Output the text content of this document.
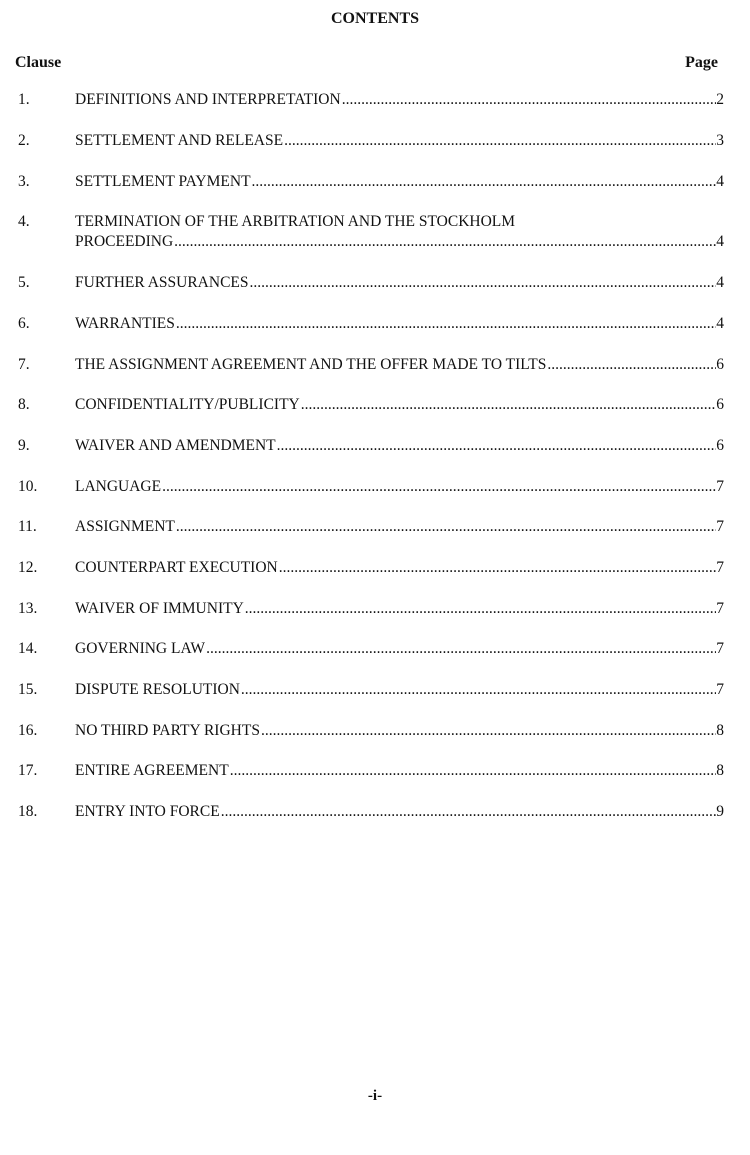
CONTENTS
Clause	Page
1.	DEFINITIONS AND INTERPRETATION .....	2
2.	SETTLEMENT AND RELEASE .....	3
3.	SETTLEMENT PAYMENT .....	4
4.	TERMINATION OF THE ARBITRATION AND THE STOCKHOLM
PROCEEDING .....	4
5.	FURTHER ASSURANCES .....	4
6.	WARRANTIES .....	4
7.	THE ASSIGNMENT AGREEMENT AND THE OFFER MADE TO TILTS .....	6
8.	CONFIDENTIALITY/PUBLICITY .....	6
9.	WAIVER AND AMENDMENT .....	6
10. LANGUAGE .....	7
11. ASSIGNMENT .....	7
12. COUNTERPART EXECUTION .....	7
13. WAIVER OF IMMUNITY .....	7
14. GOVERNING LAW .....	7
15. DISPUTE RESOLUTION .....	7
16. NO THIRD PARTY RIGHTS .....	8
17. ENTIRE AGREEMENT .....	8
18. ENTRY INTO FORCE .....	9
-i-
